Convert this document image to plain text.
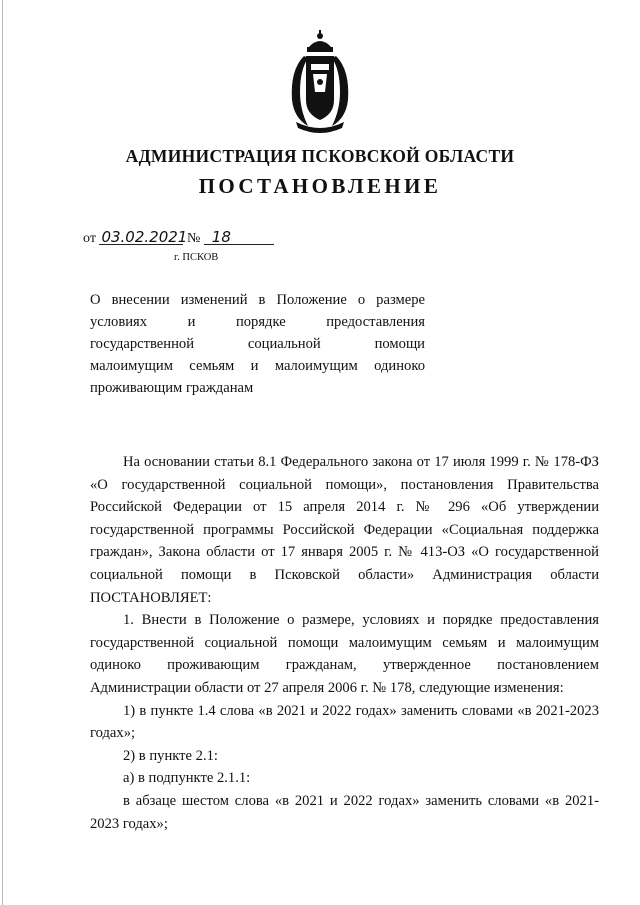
АДМИНИСТРАЦИЯ ПСКОВСКОЙ ОБЛАСТИ
ПОСТАНОВЛЕНИЕ
от 03.02.2021 № 18
г. ПСКОВ

О внесении изменений в Положение о размере

условиях и порядке предоставления

государственной социальной помощи

малоимущим семьям и малоимущим одиноко

проживающим гражданам

На основании статьи 8.1 Федерального закона от 17 июля 1999 г. № 178-ФЗ «О государственной социальной помощи», постановления Правительства Российской Федерации от 15 апреля 2014 г. № 296 «Об утверждении государственной программы Российской Федерации «Социальная поддержка граждан», Закона области от 17 января 2005 г. № 413-ОЗ «О государственной социальной помощи в Псковской области» Администрация области ПОСТАНОВЛЯЕТ:

1. Внести в Положение о размере, условиях и порядке предоставления государственной социальной помощи малоимущим семьям и малоимущим одиноко проживающим гражданам, утвержденное постановлением Администрации области от 27 апреля 2006 г. № 178, следующие изменения:

1) в пункте 1.4 слова «в 2021 и 2022 годах» заменить словами «в 2021-2023 годах»;

2) в пункте 2.1:

а) в подпункте 2.1.1:

в абзаце шестом слова «в 2021 и 2022 годах» заменить словами «в 2021-2023 годах»;
